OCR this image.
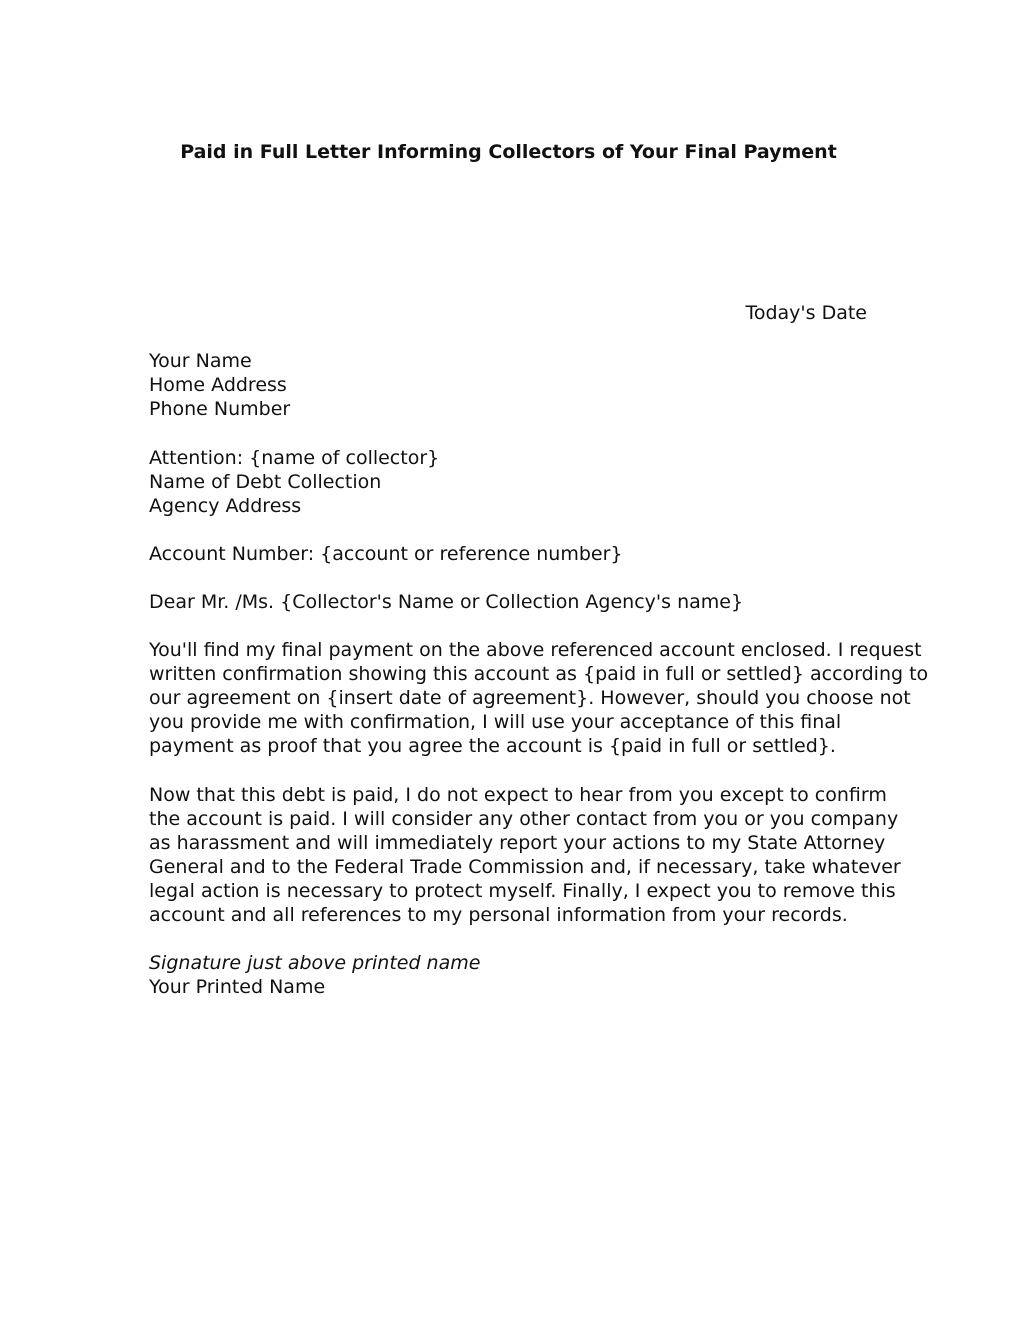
Paid in Full Letter Informing Collectors of Your Final Payment
Today's Date
Your Name
Home Address
Phone Number
Attention: {name of collector}
Name of Debt Collection
Agency Address
Account Number: {account or reference number}
Dear Mr. /Ms. {Collector's Name or Collection Agency's name}
You'll find my final payment on the above referenced account enclosed. I request
written confirmation showing this account as {paid in full or settled} according to
our agreement on {insert date of agreement}. However, should you choose not
you provide me with confirmation, I will use your acceptance of this final
payment as proof that you agree the account is {paid in full or settled}.
Now that this debt is paid, I do not expect to hear from you except to confirm
the account is paid. I will consider any other contact from you or you company
as harassment and will immediately report your actions to my State Attorney
General and to the Federal Trade Commission and, if necessary, take whatever
legal action is necessary to protect myself. Finally, I expect you to remove this
account and all references to my personal information from your records.
Signature just above printed name
Your Printed Name
